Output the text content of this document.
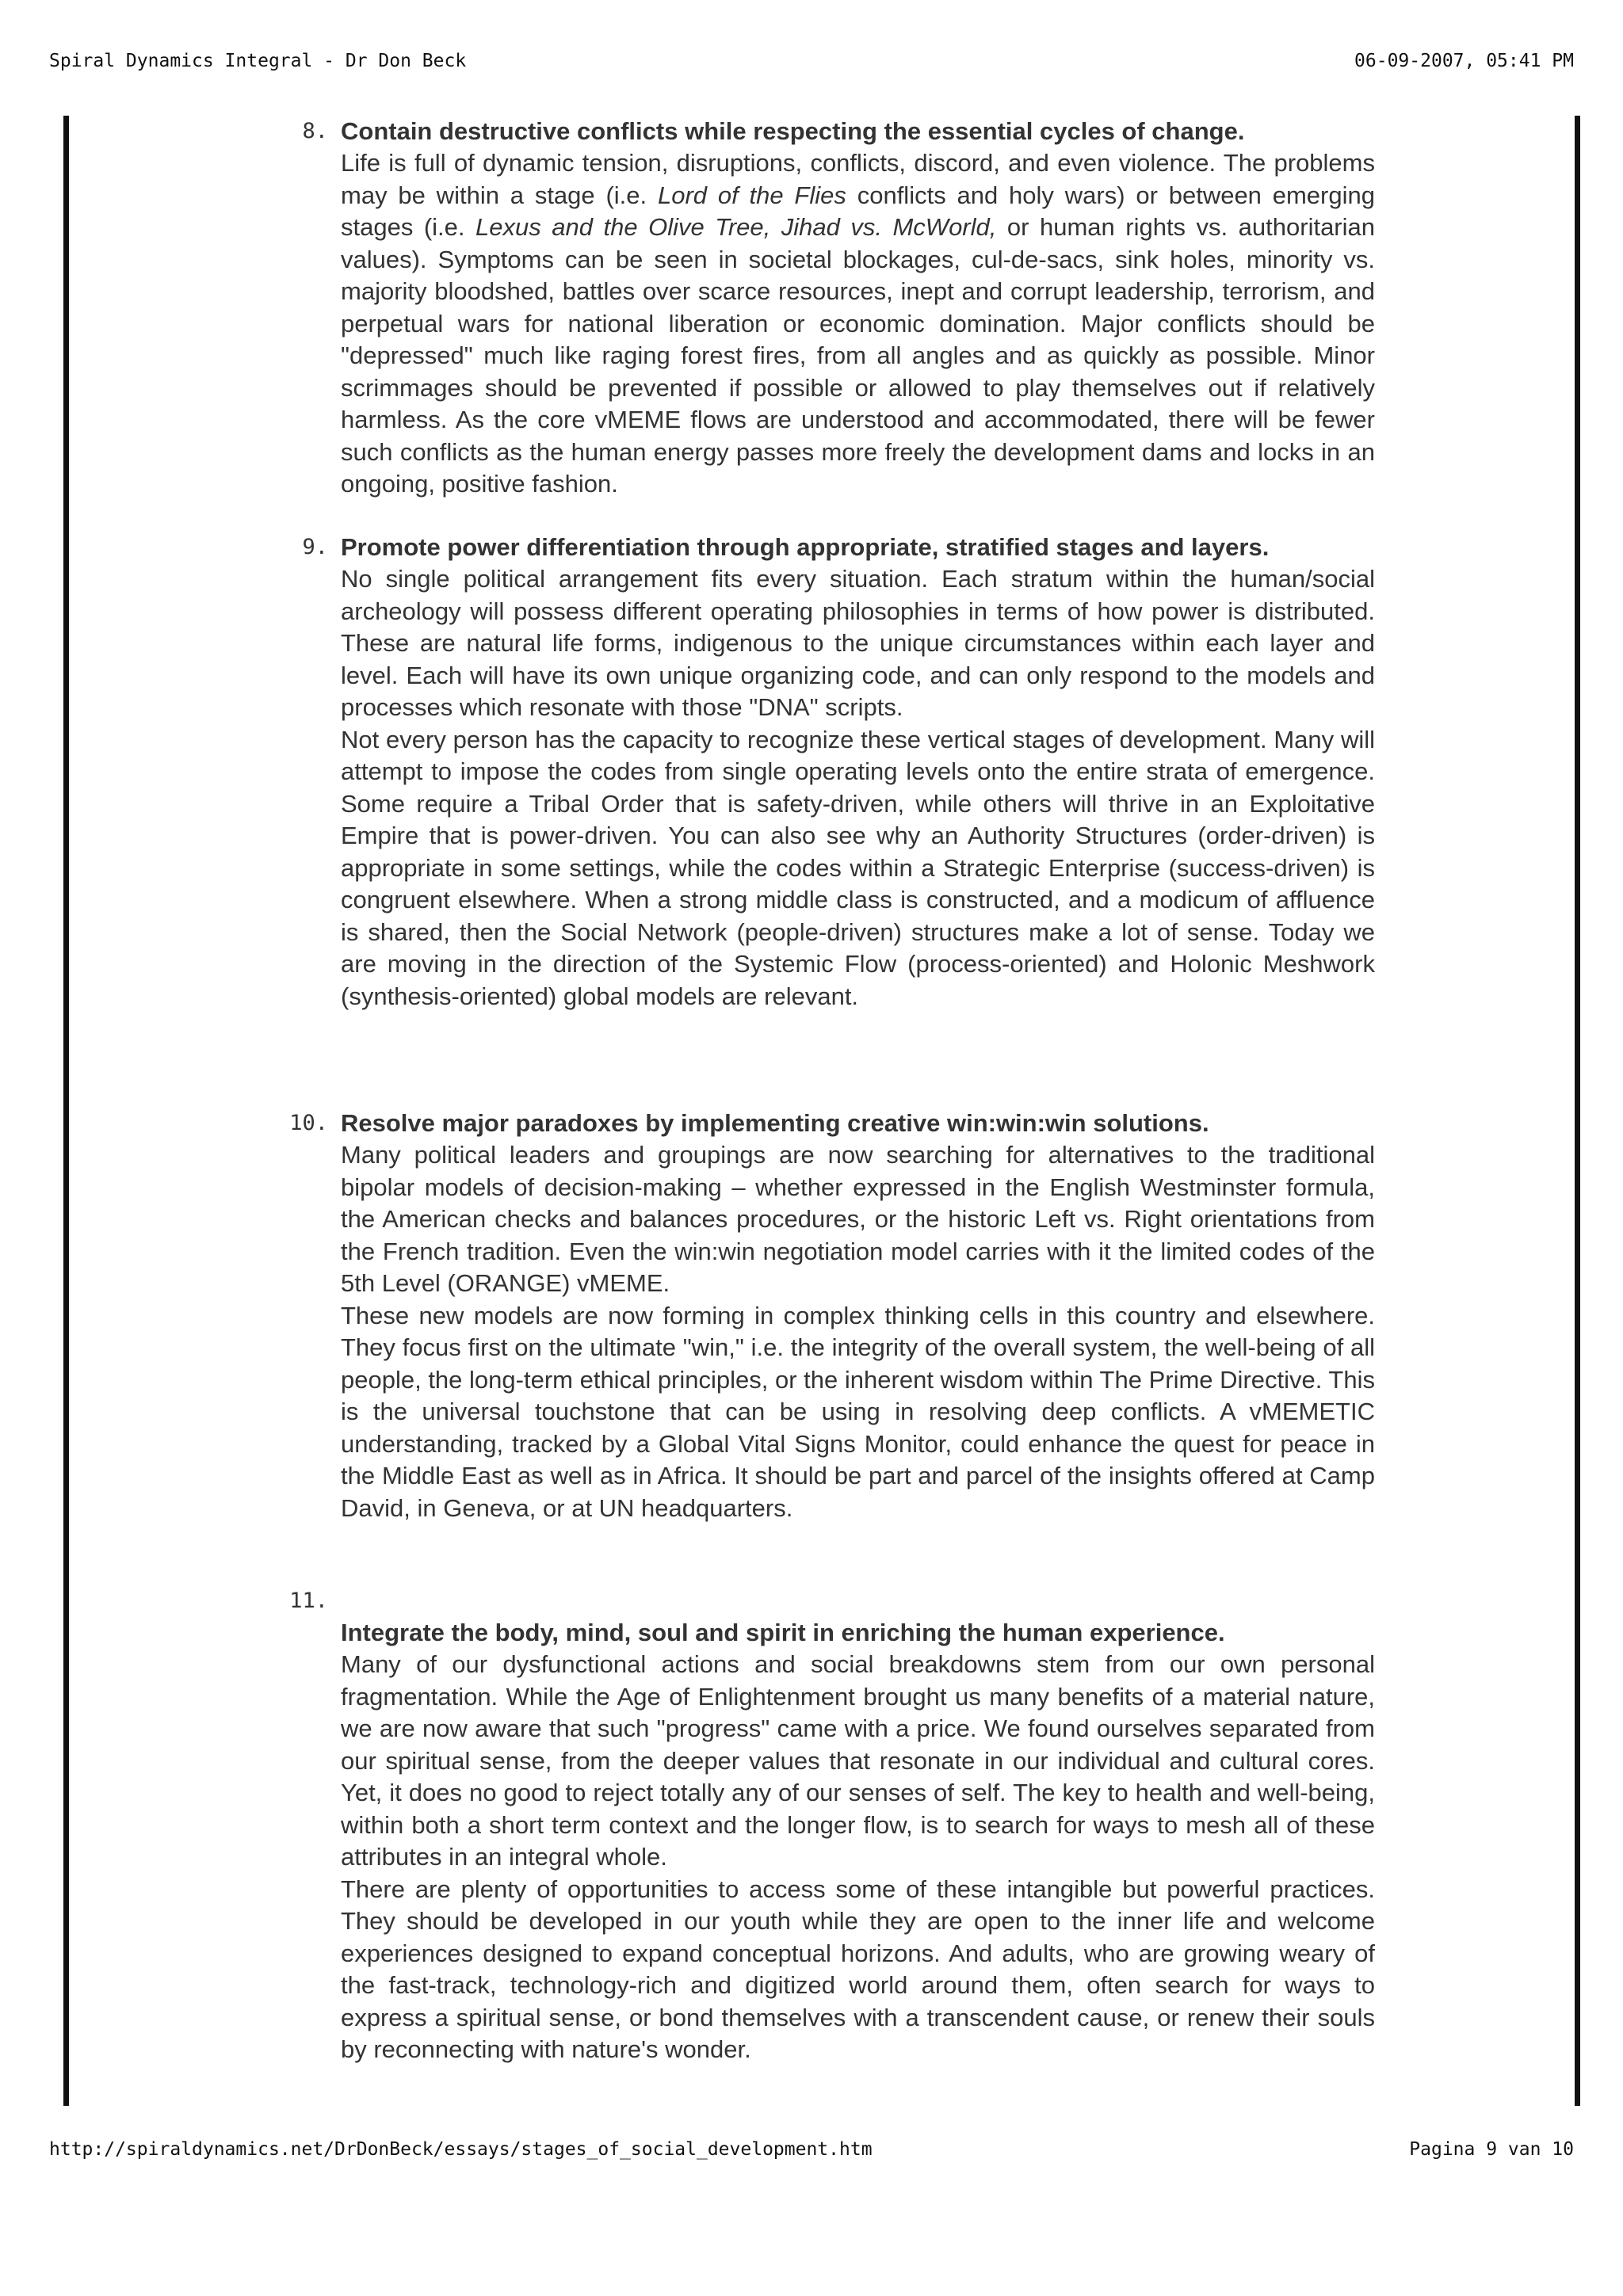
Spiral Dynamics Integral - Dr Don Beck	06-09-2007, 05:41 PM
8. Contain destructive conflicts while respecting the essential cycles of change.

Life is full of dynamic tension, disruptions, conflicts, discord, and even violence. The problems may be within a stage (i.e. Lord of the Flies conflicts and holy wars) or between emerging stages (i.e. Lexus and the Olive Tree, Jihad vs. McWorld, or human rights vs. authoritarian values). Symptoms can be seen in societal blockages, cul-de-sacs, sink holes, minority vs. majority bloodshed, battles over scarce resources, inept and corrupt leadership, terrorism, and perpetual wars for national liberation or economic domination. Major conflicts should be "depressed" much like raging forest fires, from all angles and as quickly as possible. Minor scrimmages should be prevented if possible or allowed to play themselves out if relatively harmless. As the core vMEME flows are understood and accommodated, there will be fewer such conflicts as the human energy passes more freely the development dams and locks in an ongoing, positive fashion.

9. Promote power differentiation through appropriate, stratified stages and layers.

No single political arrangement fits every situation. Each stratum within the human/social archeology will possess different operating philosophies in terms of how power is distributed. These are natural life forms, indigenous to the unique circumstances within each layer and level. Each will have its own unique organizing code, and can only respond to the models and processes which resonate with those "DNA" scripts.

Not every person has the capacity to recognize these vertical stages of development. Many will attempt to impose the codes from single operating levels onto the entire strata of emergence. Some require a Tribal Order that is safety-driven, while others will thrive in an Exploitative Empire that is power-driven. You can also see why an Authority Structures (order-driven) is appropriate in some settings, while the codes within a Strategic Enterprise (success-driven) is congruent elsewhere. When a strong middle class is constructed, and a modicum of affluence is shared, then the Social Network (people-driven) structures make a lot of sense. Today we are moving in the direction of the Systemic Flow (process-oriented) and Holonic Meshwork (synthesis-oriented) global models are relevant.

10. Resolve major paradoxes by implementing creative win:win:win solutions.

Many political leaders and groupings are now searching for alternatives to the traditional bipolar models of decision-making – whether expressed in the English Westminster formula, the American checks and balances procedures, or the historic Left vs. Right orientations from the French tradition. Even the win:win negotiation model carries with it the limited codes of the 5th Level (ORANGE) vMEME.

These new models are now forming in complex thinking cells in this country and elsewhere. They focus first on the ultimate "win," i.e. the integrity of the overall system, the well-being of all people, the long-term ethical principles, or the inherent wisdom within The Prime Directive. This is the universal touchstone that can be using in resolving deep conflicts. A vMEMETIC understanding, tracked by a Global Vital Signs Monitor, could enhance the quest for peace in the Middle East as well as in Africa. It should be part and parcel of the insights offered at Camp David, in Geneva, or at UN headquarters.

11.
Integrate the body, mind, soul and spirit in enriching the human experience.

Many of our dysfunctional actions and social breakdowns stem from our own personal fragmentation. While the Age of Enlightenment brought us many benefits of a material nature, we are now aware that such "progress" came with a price. We found ourselves separated from our spiritual sense, from the deeper values that resonate in our individual and cultural cores. Yet, it does no good to reject totally any of our senses of self. The key to health and well-being, within both a short term context and the longer flow, is to search for ways to mesh all of these attributes in an integral whole.

There are plenty of opportunities to access some of these intangible but powerful practices. They should be developed in our youth while they are open to the inner life and welcome experiences designed to expand conceptual horizons. And adults, who are growing weary of the fast-track, technology-rich and digitized world around them, often search for ways to express a spiritual sense, or bond themselves with a transcendent cause, or renew their souls by reconnecting with nature's wonder.

http://spiraldynamics.net/DrDonBeck/essays/stages_of_social_development.htm	Pagina 9 van 10
